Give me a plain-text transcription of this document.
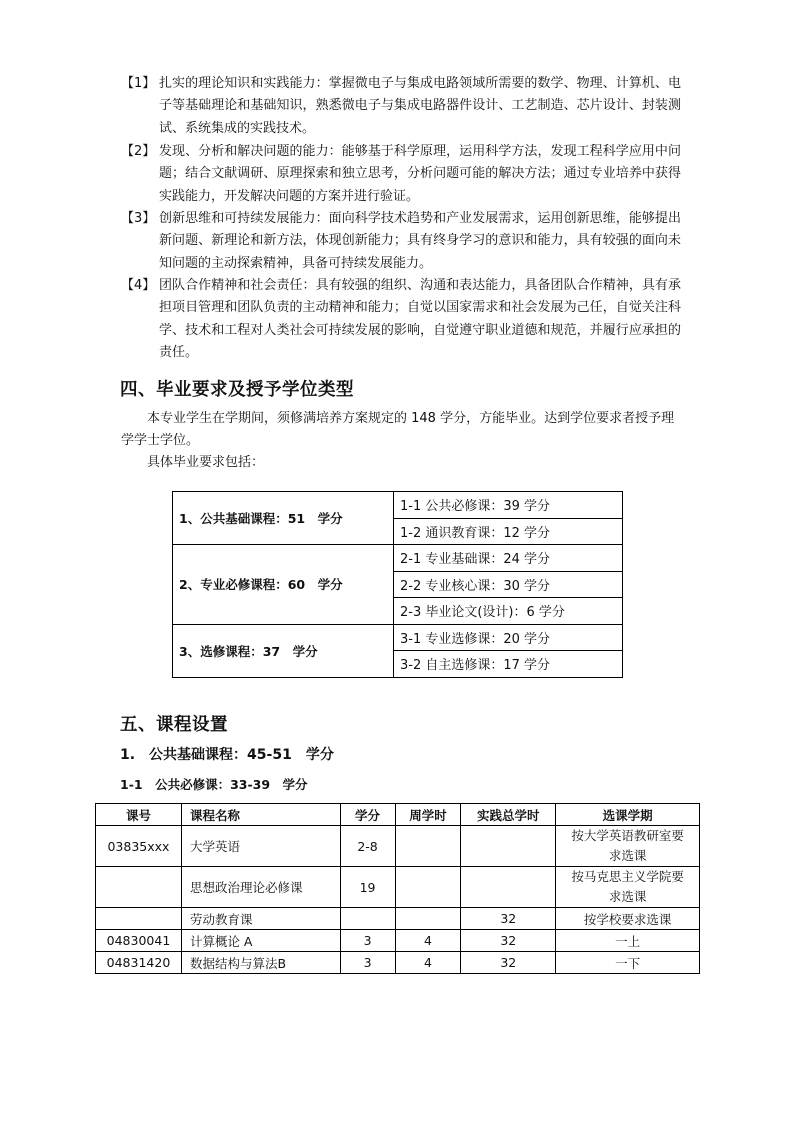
【1】 扎实的理论知识和实践能力：掌握微电子与集成电路领域所需要的数学、物理、计算机、电子等基础理论和基础知识，熟悉微电子与集成电路器件设计、工艺制造、芯片设计、封装测试、系统集成的实践技术。
【2】 发现、分析和解决问题的能力：能够基于科学原理，运用科学方法，发现工程科学应用中问题；结合文献调研、原理探索和独立思考，分析问题可能的解决方法；通过专业培养中获得实践能力，开发解决问题的方案并进行验证。
【3】 创新思维和可持续发展能力：面向科学技术趋势和产业发展需求，运用创新思维，能够提出新问题、新理论和新方法，体现创新能力；具有终身学习的意识和能力，具有较强的面向未知问题的主动探索精神，具备可持续发展能力。
【4】 团队合作精神和社会责任：具有较强的组织、沟通和表达能力，具备团队合作精神，具有承担项目管理和团队负责的主动精神和能力；自觉以国家需求和社会发展为己任，自觉关注科学、技术和工程对人类社会可持续发展的影响，自觉遵守职业道德和规范，并履行应承担的责任。
四、毕业要求及授予学位类型
本专业学生在学期间，须修满培养方案规定的 148 学分，方能毕业。达到学位要求者授予理学学士学位。
具体毕业要求包括：
1、公共基础课程：51　学分	1-1 公共必修课：39 学分
	1-2 通识教育课：12 学分
2、专业必修课程：60　学分	2-1 专业基础课：24 学分
	2-2 专业核心课：30 学分
	2-3 毕业论文(设计)：6 学分
3、选修课程：37　学分	3-1 专业选修课：20 学分
	3-2 自主选修课：17 学分
五、课程设置
1.　公共基础课程：45-51　学分
1-1　公共必修课：33-39　学分
课号	课程名称	学分	周学时	实践总学时	选课学期
03835xxx	大学英语	2-8			按大学英语教研室要求选课
	思想政治理论必修课	19			按马克思主义学院要求选课
	劳动教育课			32	按学校要求选课
04830041	计算概论 A	3	4	32	一上
04831420	数据结构与算法B	3	4	32	一下
